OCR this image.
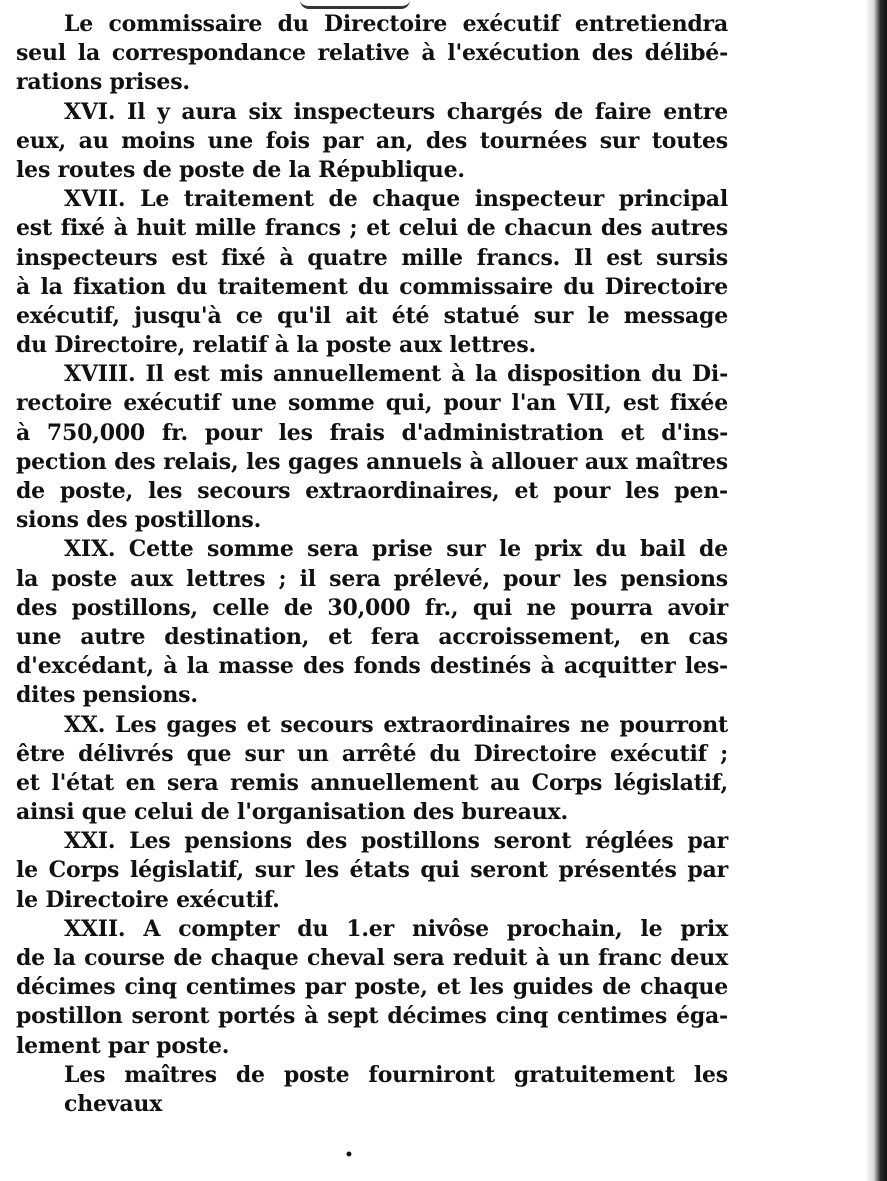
Le commissaire du Directoire exécutif entretiendra
seul la correspondance relative à l'exécution des délibé-
rations prises.
XVI. Il y aura six inspecteurs chargés de faire entre
eux, au moins une fois par an, des tournées sur toutes
les routes de poste de la République.
XVII. Le traitement de chaque inspecteur principal
est fixé à huit mille francs ; et celui de chacun des autres
inspecteurs est fixé à quatre mille francs. Il est sursis
à la fixation du traitement du commissaire du Directoire
exécutif, jusqu'à ce qu'il ait été statué sur le message
du Directoire, relatif à la poste aux lettres.
XVIII. Il est mis annuellement à la disposition du Di-
rectoire exécutif une somme qui, pour l'an VII, est fixée
à 750,000 fr. pour les frais d'administration et d'ins-
pection des relais, les gages annuels à allouer aux maîtres
de poste, les secours extraordinaires, et pour les pen-
sions des postillons.
XIX. Cette somme sera prise sur le prix du bail de
la poste aux lettres ; il sera prélevé, pour les pensions
des postillons, celle de 30,000 fr., qui ne pourra avoir
une autre destination, et fera accroissement, en cas
d'excédant, à la masse des fonds destinés à acquitter les-
dites pensions.
XX. Les gages et secours extraordinaires ne pourront
être délivrés que sur un arrêté du Directoire exécutif ;
et l'état en sera remis annuellement au Corps législatif,
ainsi que celui de l'organisation des bureaux.
XXI. Les pensions des postillons seront réglées par
le Corps législatif, sur les états qui seront présentés par
le Directoire exécutif.
XXII. A compter du 1.er nivôse prochain, le prix
de la course de chaque cheval sera reduit à un franc deux
décimes cinq centimes par poste, et les guides de chaque
postillon seront portés à sept décimes cinq centimes éga-
lement par poste.
Les maîtres de poste fourniront gratuitement les chevaux
•
